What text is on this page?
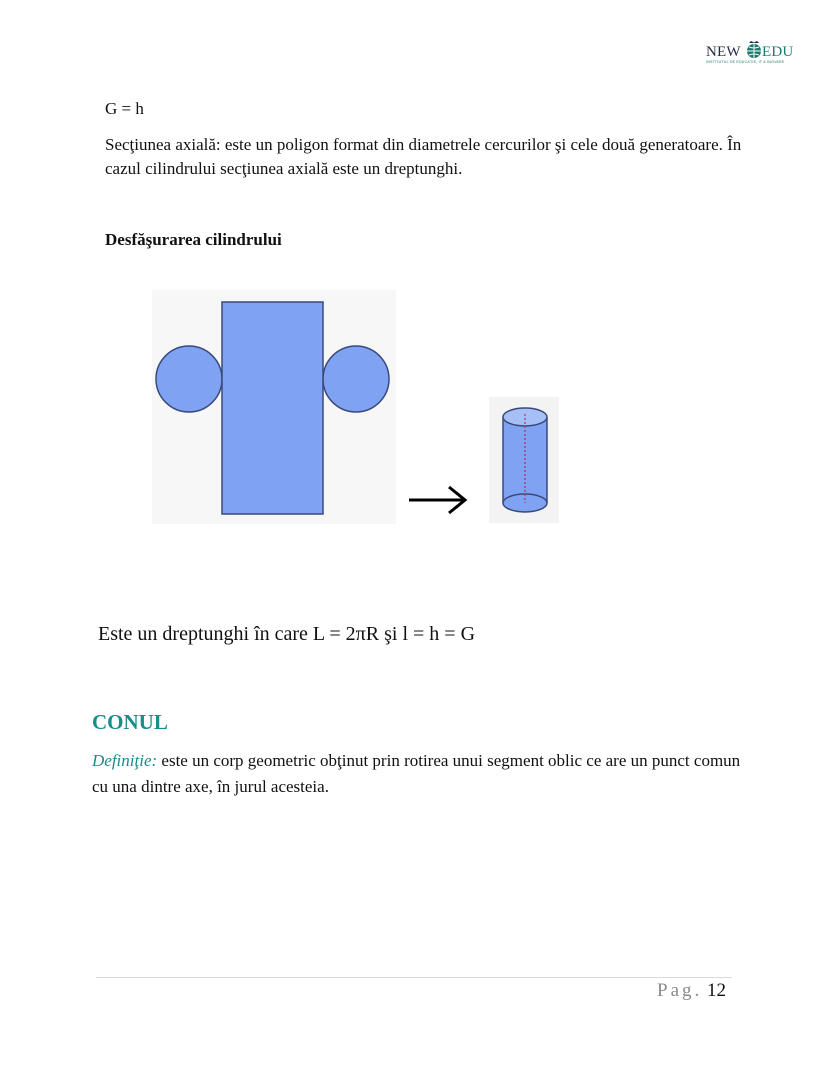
NEW EDU
INSTITUTUL DE EDUCAȚIE, IT & INOVARE
G = h
Secţiunea axială: este un poligon format din diametrele cercurilor şi cele două generatoare. În cazul cilindrului secţiunea axială este un dreptunghi.
Desfăşurarea cilindrului
Este un dreptunghi în care L = 2πR şi l = h = G
CONUL
Definiţie: este un corp geometric obţinut prin rotirea unui segment oblic ce are un punct comun cu una dintre axe, în jurul acesteia.
Pag. 12
